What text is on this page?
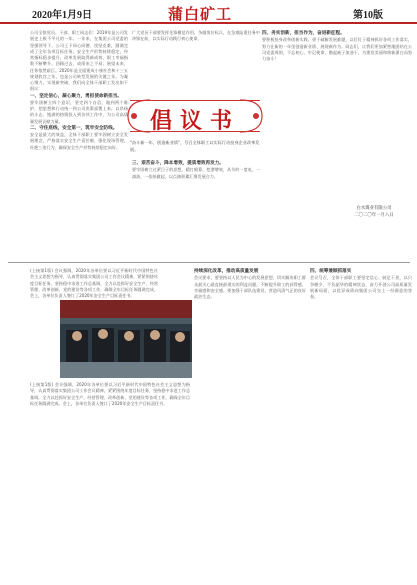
2020年1月9日	蒲白矿工	第10版
公司全体党员、干部、职工同志们：2019年是公司发展史上极不平凡的一年。一年来，在集团公司党委的坚强领导下，公司上下同心同德、攻坚克难，圆满完成了全年各项目标任务。安全生产形势持续稳定，经营指标稳步提升，改革发展取得新成效，职工幸福指数不断攀升。回顾过去，成绩来之不易；展望未来，任务依然艰巨。2020年是全面建成小康社会和十三五规划收官之年，也是公司转型发展的关键之年。为凝心聚力，实现新突破，我们向全体干部职工发出如下倡议：
一、坚定信心，凝心聚力，勇担使命新担当。
要牢固树立四个意识，坚定四个自信，做到两个维护，把思想和行动统一到公司决策部署上来，以昂扬的斗志、饱满的热情投入到各项工作中，为公司高质量发展贡献力量。
二、守住底线，安全第一，筑牢安全防线。
安全是最大的效益，全体干部职工要牢固树立安全发展理念，严格落实安全生产责任制，强化现场管理，杜绝三违行为，确保安全生产形势持续稳定向好。
广大党员干部要发挥先锋模范作用，争做岗位标兵，在急难险重任务中冲锋在前，以实际行动践行初心使命。
倡议书
"奋斗新一年，创造新业绩"，号召全体职工以实际行动投身企业改革发展。
三、艰苦奋斗，降本增效，提质增效再发力。
要牢固树立过紧日子的思想，精打细算，挖潜增效，从节约一度电、一滴油、一张纸做起，以点滴积累汇聚发展合力。
四、务实创新，担当作为，奋进新征程。
要积极投身改革创新实践，勇于破解发展难题，以钉钉子精神抓好各项工作落实，努力在新的一年里创造新业绩、展现新作为。同志们，让我们更加紧密地团结在公司党委周围，不忘初心、牢记使命，撸起袖子加油干，为建设美丽和谐新蒲白而努力奋斗！
白水煤业有限公司
二〇二〇年一月八日
(上接第1版) 会议强调，2020年各单位要以习近平新时代中国特色社会主义思想为指导，认真贯彻落实集团公司工作会议精神，紧紧围绕年度目标任务，坚持稳中求进工作总基调，全力以赴抓好安全生产、经营管理、改革创新、党的建设等各项工作，确保全年目标任务圆满完成。会上，各单位负责人签订了2020年安全生产目标责任书。
(上接第1版) 会议强调，2020年各单位要以习近平新时代中国特色社会主义思想为指导，认真贯彻落实集团公司工作会议精神，紧紧围绕年度目标任务，坚持稳中求进工作总基调，全力以赴抓好安全生产、经营管理、改革创新、党的建设等各项工作，确保全年目标任务圆满完成。会上，各单位负责人签订了2020年安全生产目标责任书。
持续深化改革，推动高质量发展
会议要求，要坚持以人民为中心的发展思想，切实解决职工群众最关心最直接最现实的利益问题，不断提升职工的获得感、幸福感和安全感。要加强干部队伍建设，营造风清气正的良好政治生态。
四、统筹兼顾抓落实
会议号召，全体干部职工要坚定信心、鼓足干劲，以只争朝夕、不负韶华的精神状态，奋力开创公司高质量发展新局面，以优异成绩向集团公司交上一份满意的答卷。
